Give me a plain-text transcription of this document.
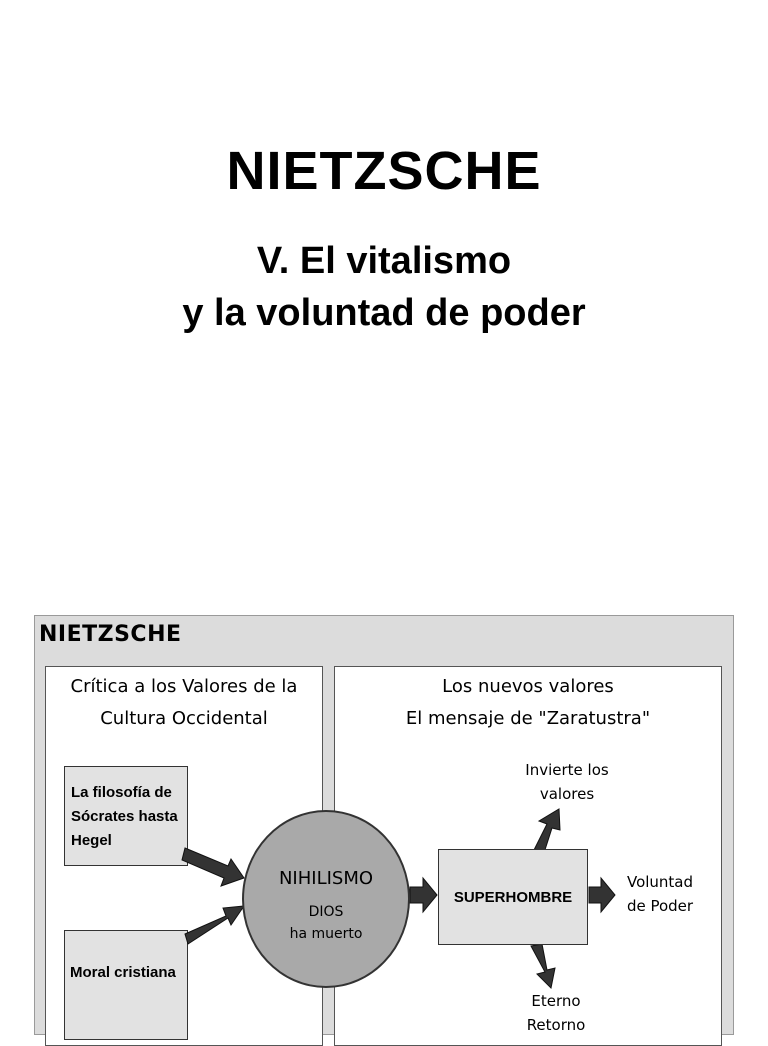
NIETZSCHE
V. El vitalismo
y la voluntad de poder
NIETZSCHE
Crítica a los Valores de la
Cultura Occidental
Los nuevos valores
El mensaje de "Zaratustra"
La filosofía de
Sócrates hasta
Hegel
Moral cristiana
NIHILISMO
DIOS
ha muerto
SUPERHOMBRE
Invierte los
valores
Voluntad
de Poder
Eterno
Retorno
